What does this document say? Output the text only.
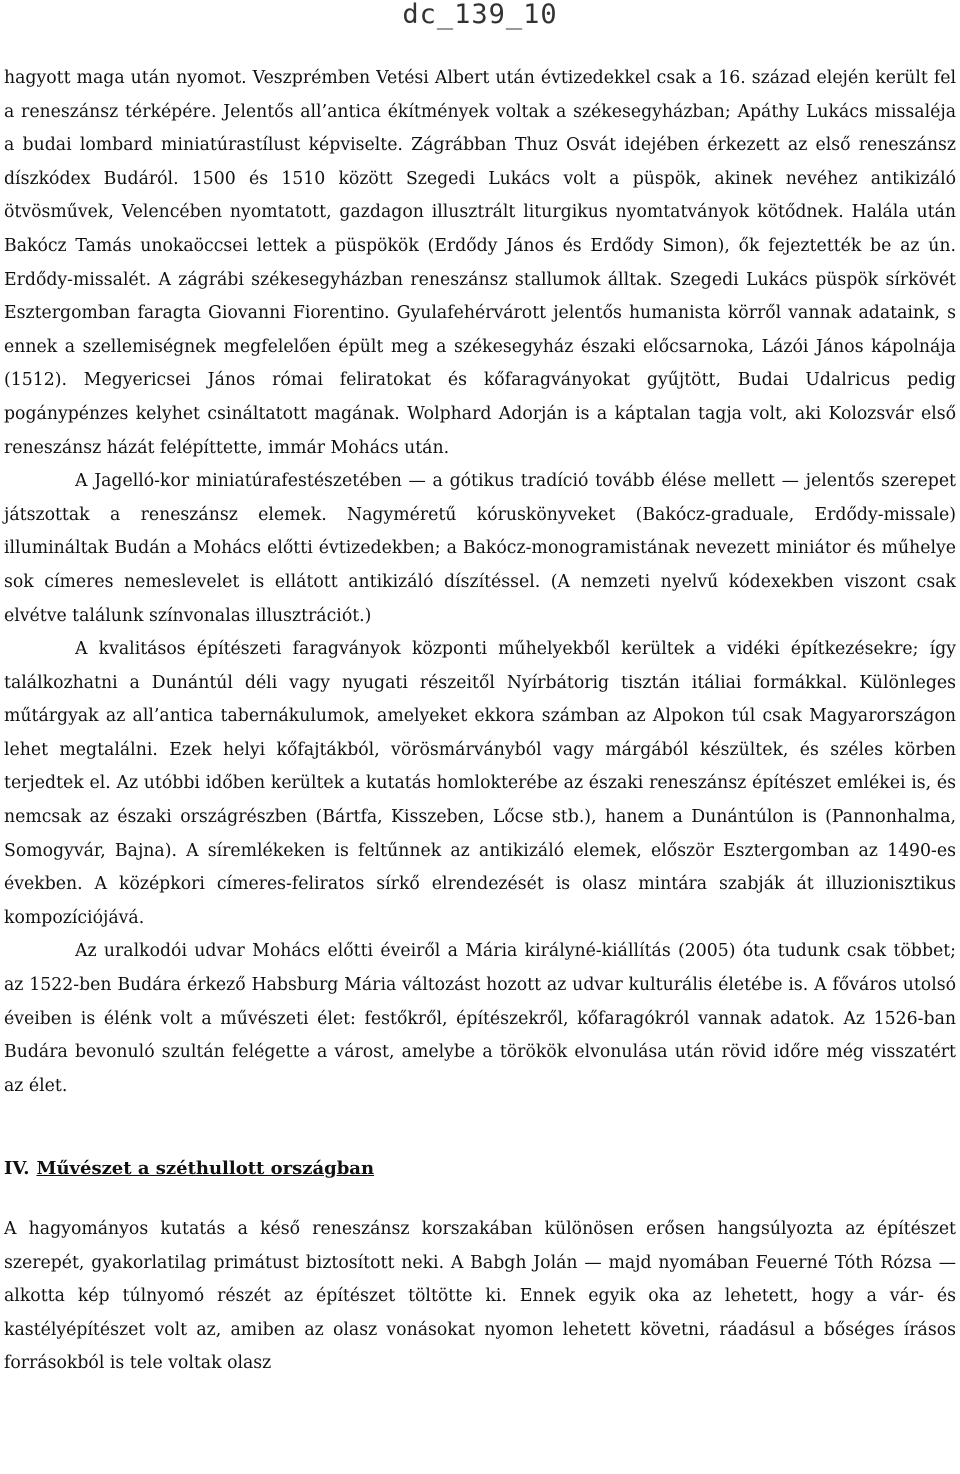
dc_139_10

hagyott maga után nyomot. Veszprémben Vetési Albert után évtizedekkel csak a 16. század elején került fel a reneszánsz térképére. Jelentős all’antica ékítmények voltak a székesegyházban; Apáthy Lukács missaléja a budai lombard miniatúrastílust képviselte. Zágrábban Thuz Osvát idejében érkezett az első reneszánsz díszkódex Budáról. 1500 és 1510 között Szegedi Lukács volt a püspök, akinek nevéhez antikizáló ötvösművek, Velencében nyomtatott, gazdagon illusztrált liturgikus nyomtatványok kötődnek. Halála után Bakócz Tamás unokaöccsei lettek a püspökök (Erdődy János és Erdődy Simon), ők fejeztették be az ún. Erdődy-missalét. A zágrábi székesegyházban reneszánsz stallumok álltak. Szegedi Lukács püspök sírkövét Esztergomban faragta Giovanni Fiorentino. Gyulafehérvárott jelentős humanista körről vannak adataink, s ennek a szellemiségnek megfelelően épült meg a székesegyház északi előcsarnoka, Lázói János kápolnája (1512). Megyericsei János római feliratokat és kőfaragványokat gyűjtött, Budai Udalricus pedig pogánypénzes kelyhet csináltatott magának. Wolphard Adorján is a káptalan tagja volt, aki Kolozsvár első reneszánsz házát felépíttette, immár Mohács után.

A Jagelló-kor miniatúrafestészetében — a gótikus tradíció tovább élése mellett — jelentős szerepet játszottak a reneszánsz elemek. Nagyméretű kóruskönyveket (Bakócz-graduale, Erdődy-missale) illumináltak Budán a Mohács előtti évtizedekben; a Bakócz-monogramistának nevezett miniátor és műhelye sok címeres nemeslevelet is ellátott antikizáló díszítéssel. (A nemzeti nyelvű kódexekben viszont csak elvétve találunk színvonalas illusztrációt.)

A kvalitásos építészeti faragványok központi műhelyekből kerültek a vidéki építkezésekre; így találkozhatni a Dunántúl déli vagy nyugati részeitől Nyírbátorig tisztán itáliai formákkal. Különleges műtárgyak az all’antica tabernákulumok, amelyeket ekkora számban az Alpokon túl csak Magyarországon lehet megtalálni. Ezek helyi kőfajtákból, vörösmárványból vagy márgából készültek, és széles körben terjedtek el. Az utóbbi időben kerültek a kutatás homlokterébe az északi reneszánsz építészet emlékei is, és nemcsak az északi országrészben (Bártfa, Kisszeben, Lőcse stb.), hanem a Dunántúlon is (Pannonhalma, Somogyvár, Bajna). A síremlékeken is feltűnnek az antikizáló elemek, először Esztergomban az 1490-es években. A középkori címeres-feliratos sírkő elrendezését is olasz mintára szabják át illuzionisztikus kompozíciójává.

Az uralkodói udvar Mohács előtti éveiről a Mária királyné-kiállítás (2005) óta tudunk csak többet; az 1522-ben Budára érkező Habsburg Mária változást hozott az udvar kulturális életébe is. A főváros utolsó éveiben is élénk volt a művészeti élet: festőkről, építészekről, kőfaragókról vannak adatok. Az 1526-ban Budára bevonuló szultán felégette a várost, amelybe a törökök elvonulása után rövid időre még visszatért az élet.

IV. Művészet a széthullott országban

A hagyományos kutatás a késő reneszánsz korszakában különösen erősen hangsúlyozta az építészet szerepét, gyakorlatilag primátust biztosított neki. A Babgh Jolán — majd nyomában Feuerné Tóth Rózsa — alkotta kép túlnyomó részét az építészet töltötte ki. Ennek egyik oka az lehetett, hogy a vár- és kastélyépítészet volt az, amiben az olasz vonásokat nyomon lehetett követni, ráadásul a bőséges írásos forrásokból is tele voltak olasz
